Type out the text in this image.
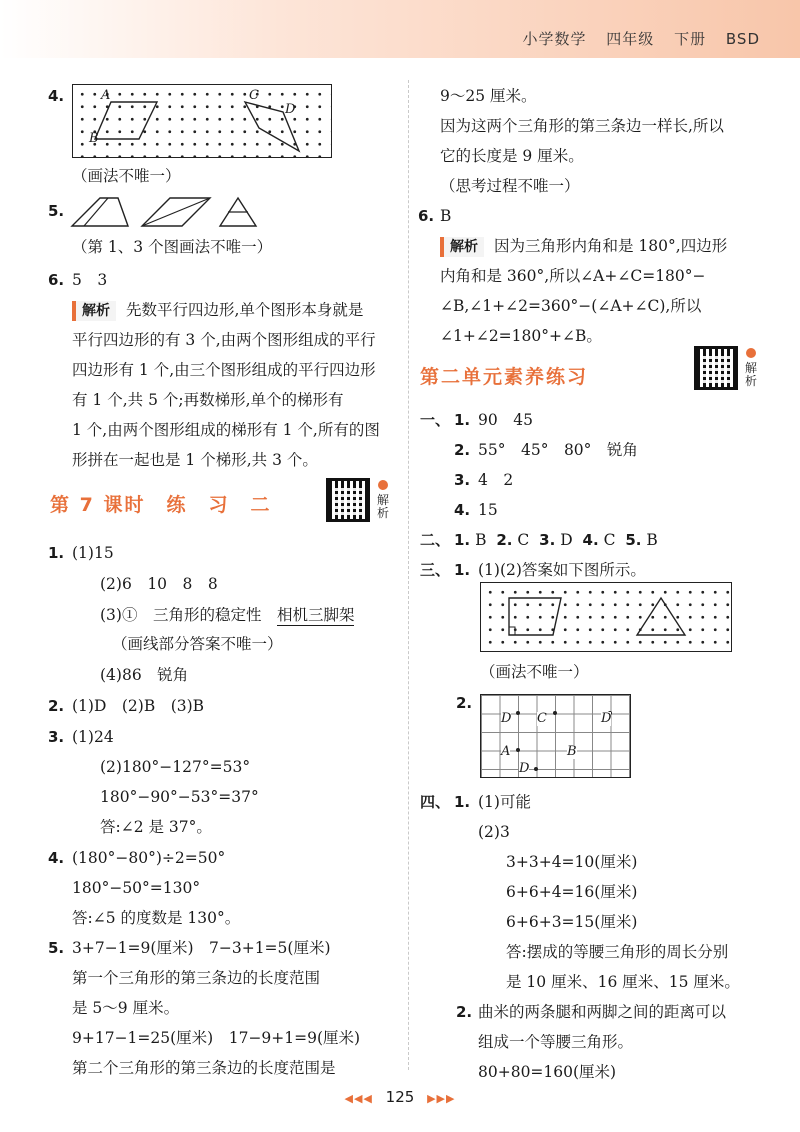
小学数学 四年级 下册 BSD
4.	A
B
C
D
（画法不唯一）
5.
（第 1、3 个图画法不唯一）
6. 5　3
解析 先数平行四边形,单个图形本身就是
平行四边形的有 3 个,由两个图形组成的平行
四边形有 1 个,由三个图形组成的平行四边形
有 1 个,共 5 个;再数梯形,单个的梯形有
1 个,由两个图形组成的梯形有 1 个,所有的图
形拼在一起也是 1 个梯形,共 3 个。
第 7 课时　练　习　二	解
析
1. (1)15
(2)6　10　8　8
(3)①　三角形的稳定性　相机三脚架
（画线部分答案不唯一）
(4)86　锐角
2. (1)D　(2)B　(3)B
3. (1)24
(2)180°−127°=53°
180°−90°−53°=37°
答:∠2 是 37°。
4. (180°−80°)÷2=50°
180°−50°=130°
答:∠5 的度数是 130°。
5. 3+7−1=9(厘米)　7−3+1=5(厘米)
第一个三角形的第三条边的长度范围
是 5～9 厘米。
9+17−1=25(厘米)　17−9+1=9(厘米)
第二个三角形的第三条边的长度范围是
9～25 厘米。
因为这两个三角形的第三条边一样长,所以
它的长度是 9 厘米。
（思考过程不唯一）
6. B
解析 因为三角形内角和是 180°,四边形
内角和是 360°,所以∠A+∠C=180°−
∠B,∠1+∠2=360°−(∠A+∠C),所以
∠1+∠2=180°+∠B。
第二单元素养练习	解
析
一、 1. 90　45
2. 55°　45°　80°　锐角
3. 4　2
4. 15
二、 1. B 2. C 3. D 4. C 5. B
三、 1. (1)(2)答案如下图所示。
（画法不唯一）
2.
D C	D
A	B
D
四、 1. (1)可能
(2)3
3+3+4=10(厘米)
6+6+4=16(厘米)
6+6+3=15(厘米)
答:摆成的等腰三角形的周长分别
是 10 厘米、16 厘米、15 厘米。
2. 曲米的两条腿和两脚之间的距离可以
组成一个等腰三角形。
80+80=160(厘米)
◀◀◀ 125 ▶▶▶
